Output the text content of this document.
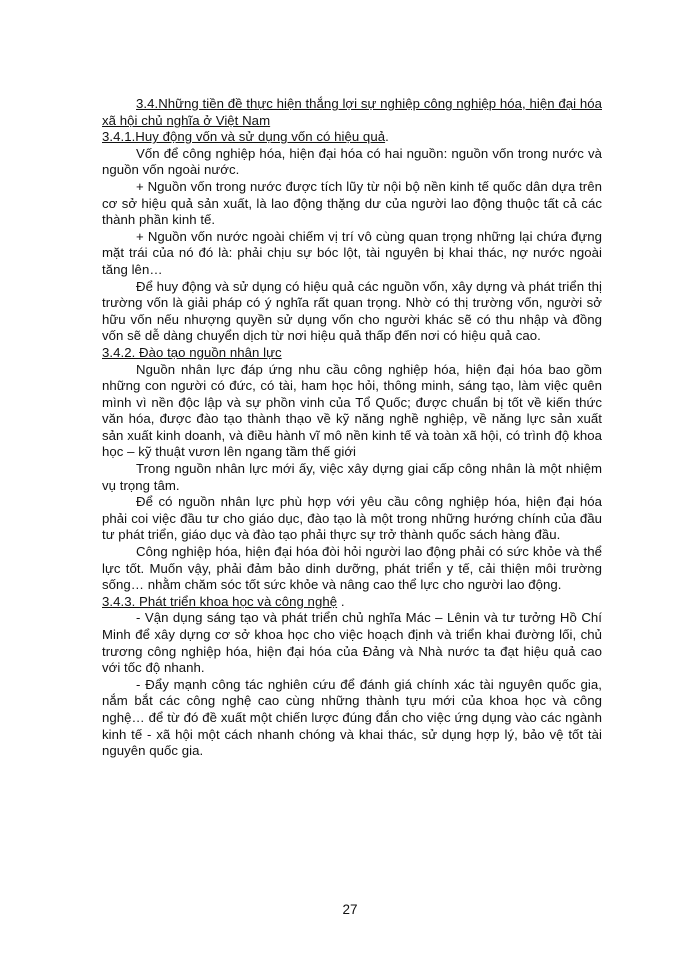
3.4.Những tiền đề thực hiện thắng lợi sự nghiệp công nghiệp hóa, hiện đại hóa xã hội chủ nghĩa ở Việt Nam

3.4.1.Huy động vốn và sử dụng vốn có hiệu quả.

Vốn để công nghiệp hóa, hiện đại hóa có hai nguồn: nguồn vốn trong nước và nguồn vốn ngoài nước.

+ Nguồn vốn trong nước được tích lũy từ nội bộ nền kinh tế quốc dân dựa trên cơ sở hiệu quả sản xuất, là lao động thặng dư của người lao động thuộc tất cả các thành phần kinh tế.

+ Nguồn vốn nước ngoài chiếm vị trí vô cùng quan trọng những lại chứa đựng mặt trái của nó đó là: phải chịu sự bóc lột, tài nguyên bị khai thác, nợ nước ngoài tăng lên…

Để huy động và sử dụng có hiệu quả các nguồn vốn, xây dựng và phát triển thị trường vốn là giải pháp có ý nghĩa rất quan trọng. Nhờ có thị trường vốn, người sở hữu vốn nếu nhượng quyền sử dụng vốn cho người khác sẽ có thu nhập và đồng vốn sẽ dễ dàng chuyển dịch từ nơi hiệu quả thấp đến nơi có hiệu quả cao.

3.4.2. Đào tạo nguồn nhân lực

Nguồn nhân lực đáp ứng nhu cầu công nghiệp hóa, hiện đại hóa bao gồm những con người có đức, có tài, ham học hỏi, thông minh, sáng tạo, làm việc quên mình vì nền độc lập và sự phồn vinh của Tổ Quốc; được chuẩn bị tốt về kiến thức văn hóa, được đào tạo thành thạo về kỹ năng nghề nghiệp, về năng lực sản xuất sản xuất kinh doanh, và điều hành vĩ mô nền kinh tế và toàn xã hội, có trình độ khoa học – kỹ thuật vươn lên ngang tầm thế giới

Trong nguồn nhân lực mới ấy, việc xây dựng giai cấp công nhân là một nhiệm vụ trọng tâm.

Để có nguồn nhân lực phù hợp với yêu cầu công nghiệp hóa, hiện đại hóa phải coi việc đầu tư cho giáo dục, đào tạo là một trong những hướng chính của đầu tư phát triển, giáo dục và đào tạo phải thực sự trở thành quốc sách hàng đầu.

Công nghiệp hóa, hiện đại hóa đòi hỏi người lao động phải có sức khỏe và thể lực tốt. Muốn vậy, phải đảm bảo dinh dưỡng, phát triển y tế, cải thiện môi trường sống… nhằm chăm sóc tốt sức khỏe và nâng cao thể lực cho người lao động.

3.4.3. Phát triển khoa học và công nghệ .

- Vận dụng sáng tạo và phát triển chủ nghĩa Mác – Lênin và tư tưởng Hồ Chí Minh để xây dựng cơ sở khoa học cho việc hoạch định và triển khai đường lối, chủ trương công nghiệp hóa, hiện đại hóa của Đảng và Nhà nước ta đạt hiệu quả cao với tốc độ nhanh.

- Đẩy mạnh công tác nghiên cứu để đánh giá chính xác tài nguyên quốc gia, nắm bắt các công nghệ cao cùng những thành tựu mới của khoa học và công nghệ… để từ đó đề xuất một chiến lược đúng đắn cho việc ứng dụng vào các ngành kinh tế - xã hội một cách nhanh chóng và khai thác, sử dụng hợp lý, bảo vệ tốt tài nguyên quốc gia.

27
